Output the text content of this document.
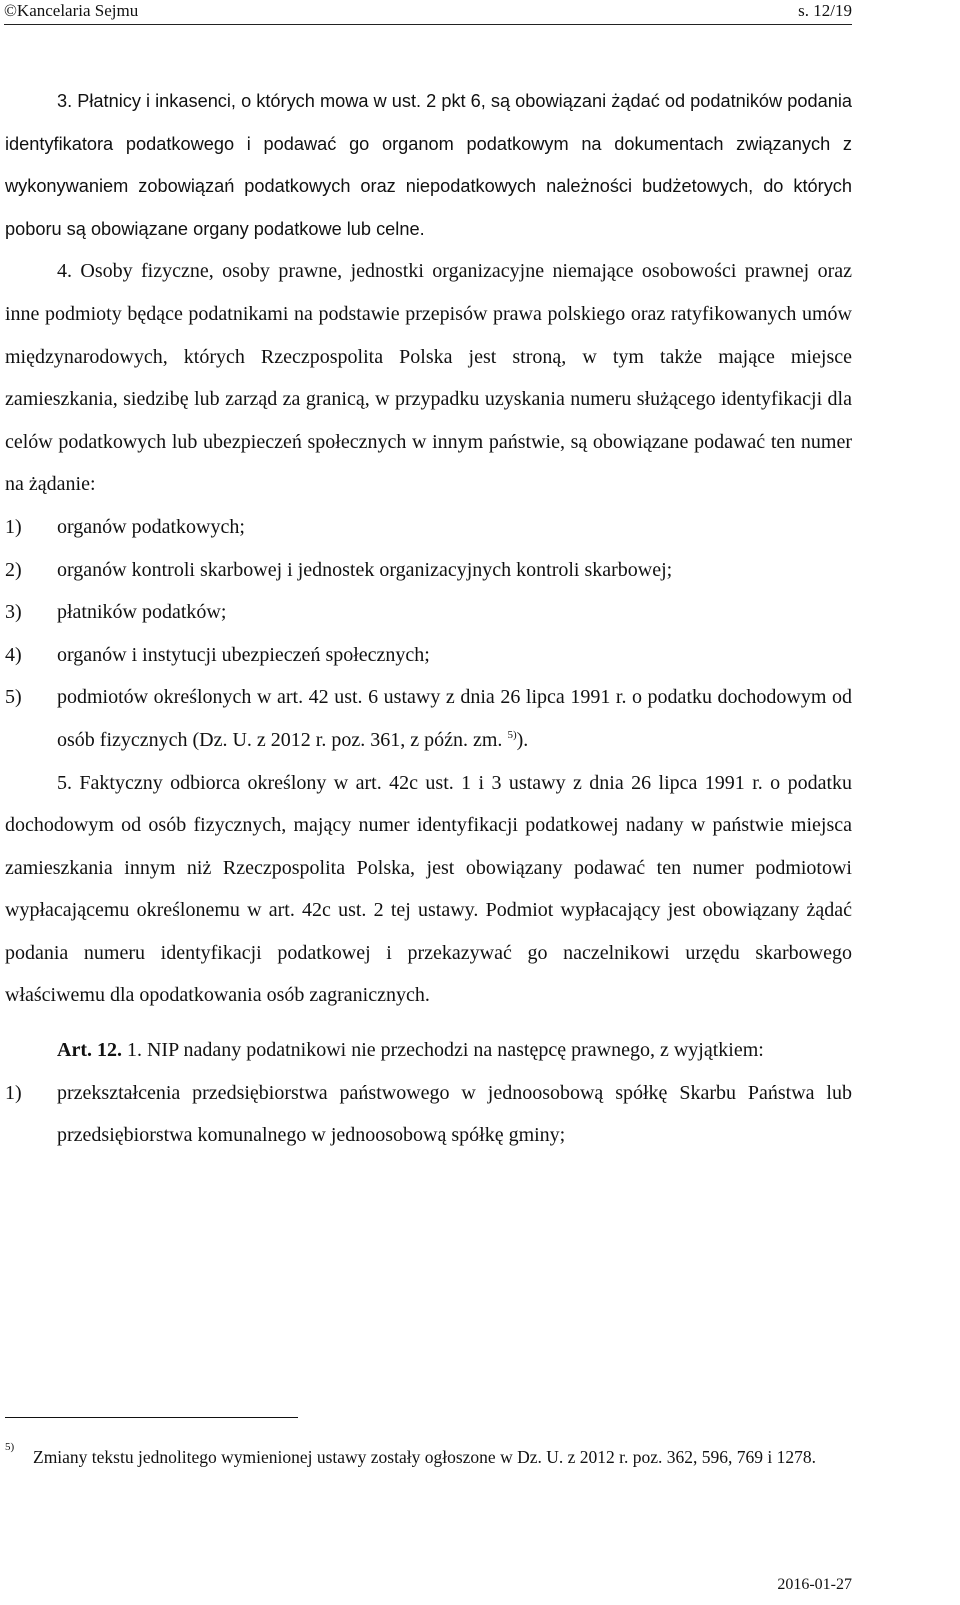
©Kancelaria Sejmu	s. 12/19

3. Płatnicy i inkasenci, o których mowa w ust. 2 pkt 6, są obowiązani żądać od podatników podania identyfikatora podatkowego i podawać go organom podatkowym na dokumentach związanych z wykonywaniem zobowiązań podatkowych oraz niepodatkowych należności budżetowych, do których poboru są obowiązane organy podatkowe lub celne.

4. Osoby fizyczne, osoby prawne, jednostki organizacyjne niemające osobowości prawnej oraz inne podmioty będące podatnikami na podstawie przepisów prawa polskiego oraz ratyfikowanych umów międzynarodowych, których Rzeczpospolita Polska jest stroną, w tym także mające miejsce zamieszkania, siedzibę lub zarząd za granicą, w przypadku uzyskania numeru służącego identyfikacji dla celów podatkowych lub ubezpieczeń społecznych w innym państwie, są obowiązane podawać ten numer na żądanie:

1) organów podatkowych;
2) organów kontroli skarbowej i jednostek organizacyjnych kontroli skarbowej;
3) płatników podatków;
4) organów i instytucji ubezpieczeń społecznych;
5) podmiotów określonych w art. 42 ust. 6 ustawy z dnia 26 lipca 1991 r. o podatku dochodowym od osób fizycznych (Dz. U. z 2012 r. poz. 361, z późn. zm. $^{5)}$).

5. Faktyczny odbiorca określony w art. 42c ust. 1 i 3 ustawy z dnia 26 lipca 1991 r. o podatku dochodowym od osób fizycznych, mający numer identyfikacji podatkowej nadany w państwie miejsca zamieszkania innym niż Rzeczpospolita Polska, jest obowiązany podawać ten numer podmiotowi wypłacającemu określonemu w art. 42c ust. 2 tej ustawy. Podmiot wypłacający jest obowiązany żądać podania numeru identyfikacji podatkowej i przekazywać go naczelnikowi urzędu skarbowego właściwemu dla opodatkowania osób zagranicznych.

Art. 12. 1. NIP nadany podatnikowi nie przechodzi na następcę prawnego, z wyjątkiem:

1) przekształcenia przedsiębiorstwa państwowego w jednoosobową spółkę Skarbu Państwa lub przedsiębiorstwa komunalnego w jednoosobową spółkę gminy;
5) Zmiany tekstu jednolitego wymienionej ustawy zostały ogłoszone w Dz. U. z 2012 r. poz. 362, 596, 769 i 1278.
2016-01-27
